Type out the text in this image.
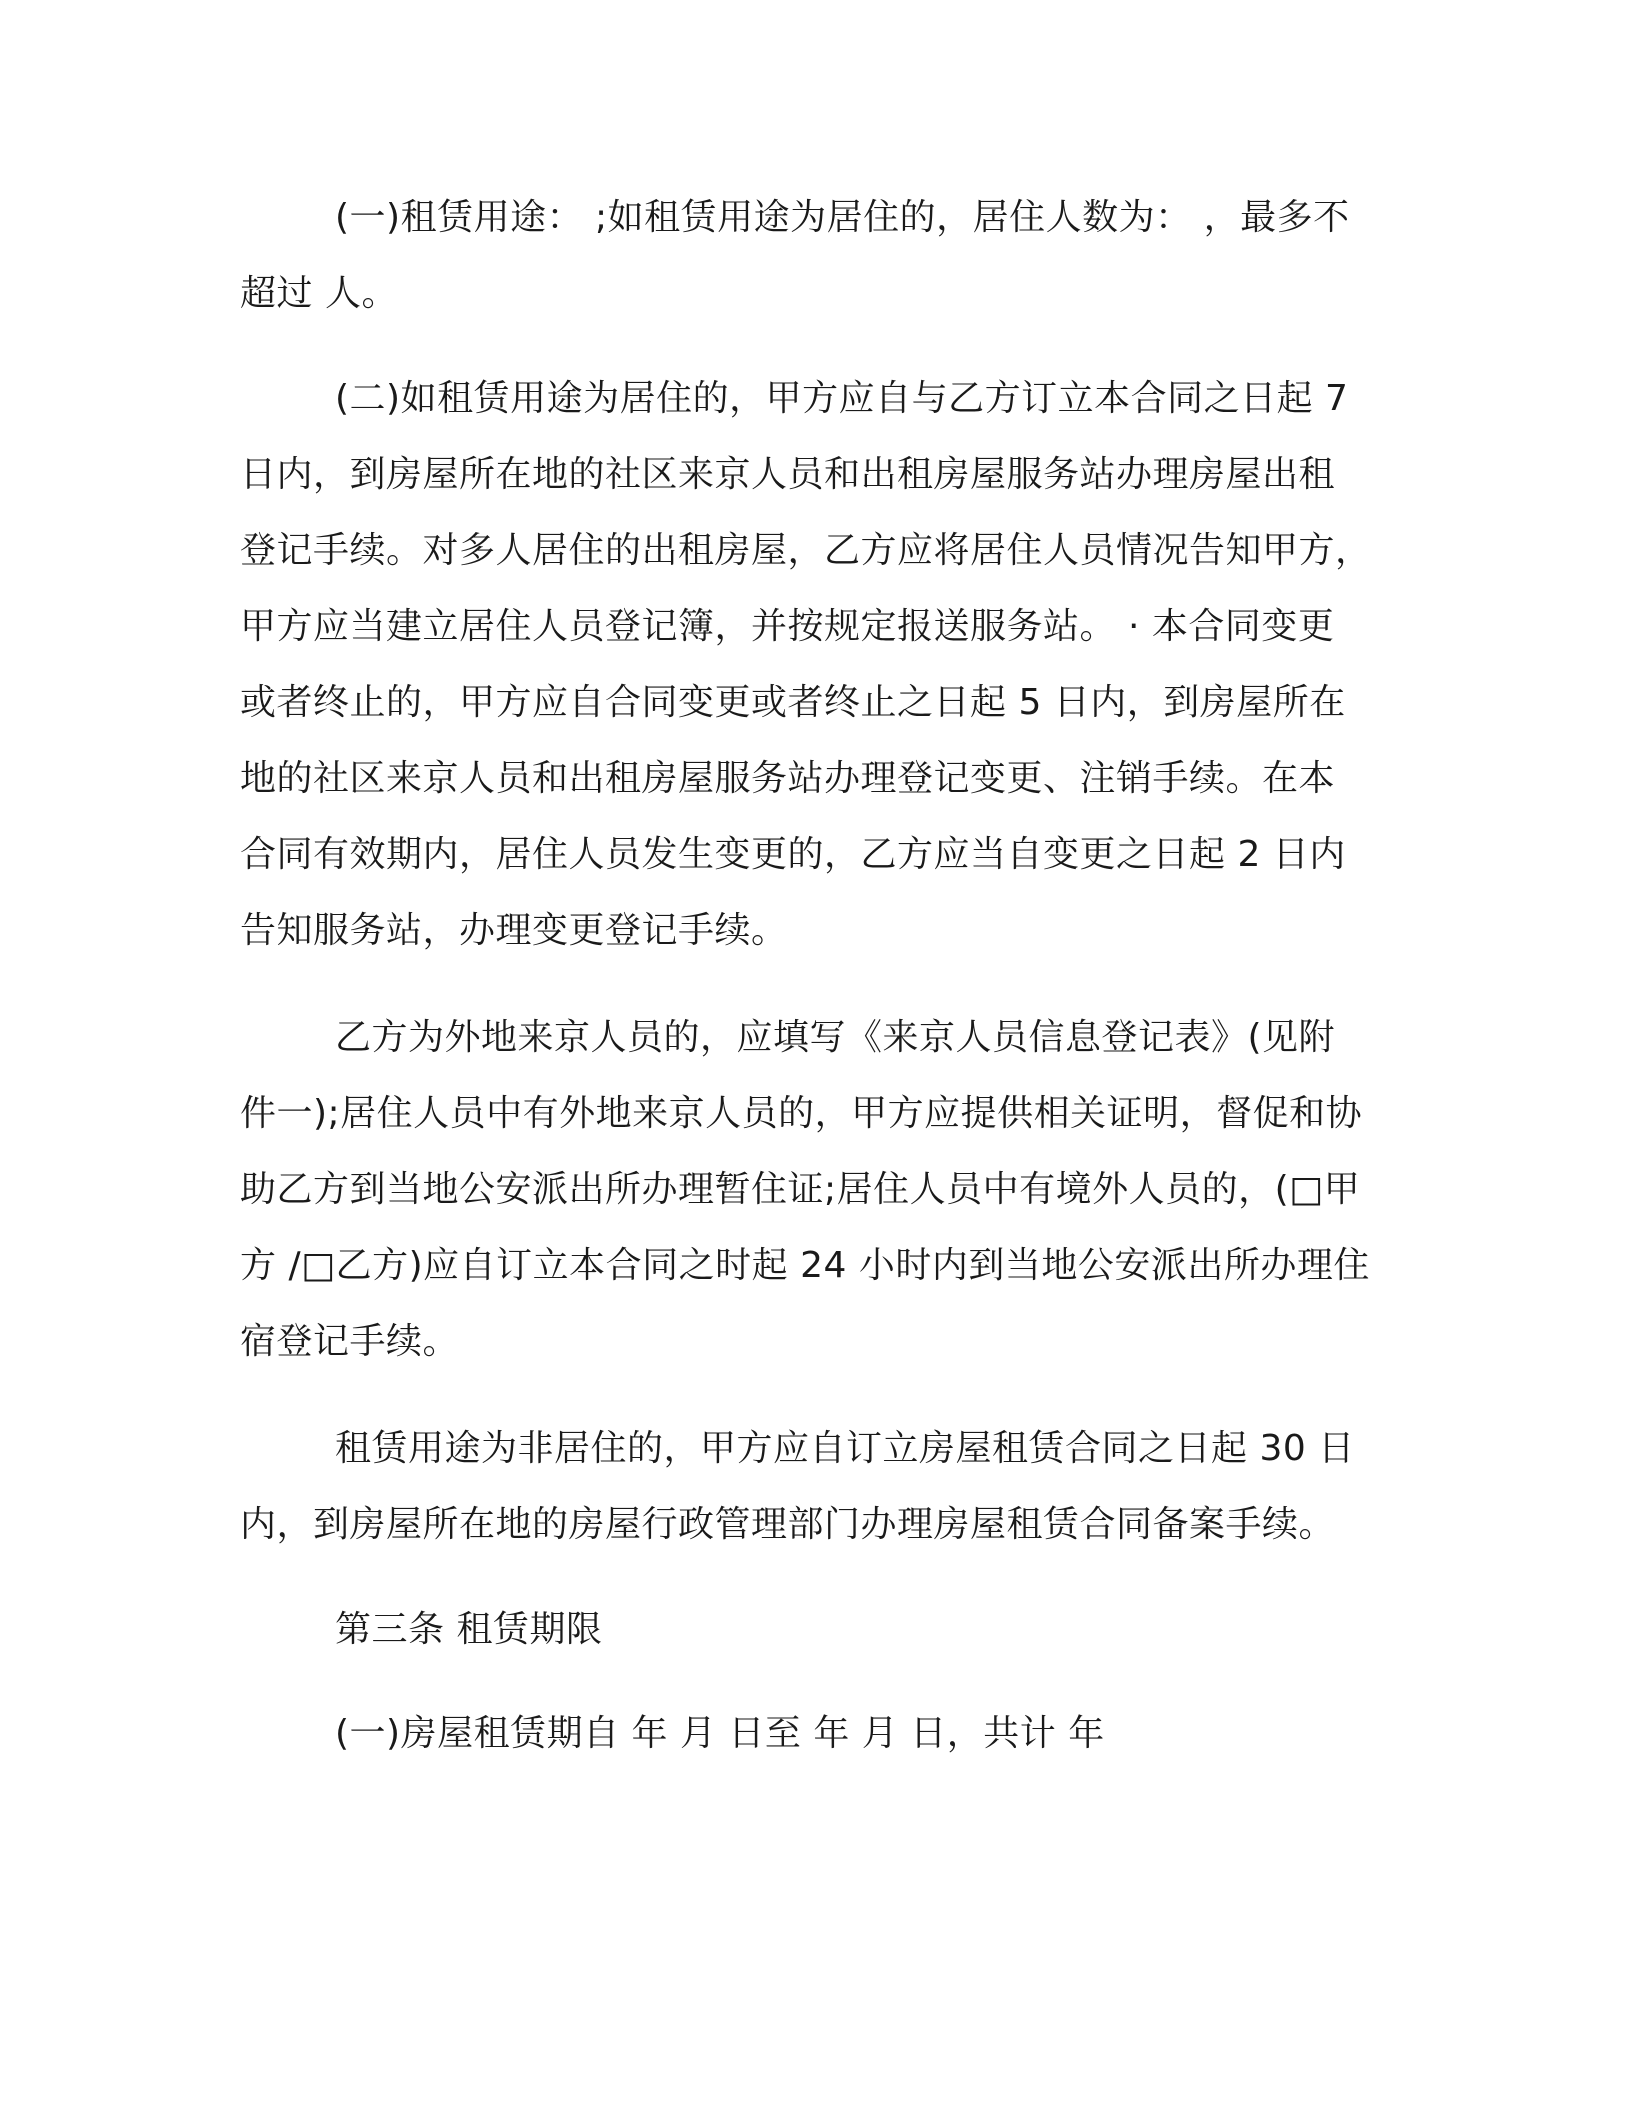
(一)租赁用途： ;如租赁用途为居住的，居住人数为： ，最多不
超过 人。
(二)如租赁用途为居住的，甲方应自与乙方订立本合同之日起 7
日内，到房屋所在地的社区来京人员和出租房屋服务站办理房屋出租
登记手续。对多人居住的出租房屋，乙方应将居住人员情况告知甲方，
甲方应当建立居住人员登记簿，并按规定报送服务站。 · 本合同变更
或者终止的，甲方应自合同变更或者终止之日起 5 日内，到房屋所在
地的社区来京人员和出租房屋服务站办理登记变更、注销手续。在本
合同有效期内，居住人员发生变更的，乙方应当自变更之日起 2 日内
告知服务站，办理变更登记手续。
乙方为外地来京人员的，应填写《来京人员信息登记表》(见附
件一);居住人员中有外地来京人员的，甲方应提供相关证明，督促和协
助乙方到当地公安派出所办理暂住证;居住人员中有境外人员的，(□甲
方 /□乙方)应自订立本合同之时起 24 小时内到当地公安派出所办理住
宿登记手续。
租赁用途为非居住的，甲方应自订立房屋租赁合同之日起 30 日
内，到房屋所在地的房屋行政管理部门办理房屋租赁合同备案手续。
第三条 租赁期限
(一)房屋租赁期自 年 月 日至 年 月 日，共计 年
